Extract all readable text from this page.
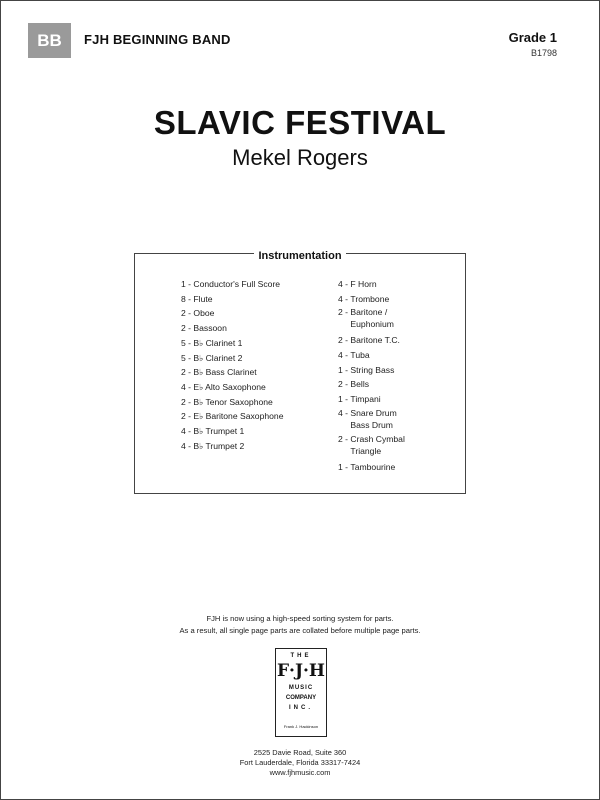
BB	FJH BEGINNING BAND	Grade 1
B1798
SLAVIC FESTIVAL
Mekel Rogers
Instrumentation
1 - Conductor's Full Score
8 - Flute
2 - Oboe
2 - Bassoon
5 - B♭ Clarinet 1
5 - B♭ Clarinet 2
2 - B♭ Bass Clarinet
4 - E♭ Alto Saxophone
2 - B♭ Tenor Saxophone
2 - E♭ Baritone Saxophone
4 - B♭ Trumpet 1
4 - B♭ Trumpet 2
4 - F Horn
4 - Trombone
2 - Baritone /
Euphonium
2 - Baritone T.C.
4 - Tuba
1 - String Bass
2 - Bells
1 - Timpani
4 - Snare Drum
Bass Drum
2 - Crash Cymbal
Triangle
1 - Tambourine
FJH is now using a high-speed sorting system for parts.
As a result, all single page parts are collated before multiple page parts.
THE
F·J·H
MUSIC
COMPANY
INC.
Frank J. Hackinson
2525 Davie Road, Suite 360
Fort Lauderdale, Florida 33317-7424
www.fjhmusic.com
